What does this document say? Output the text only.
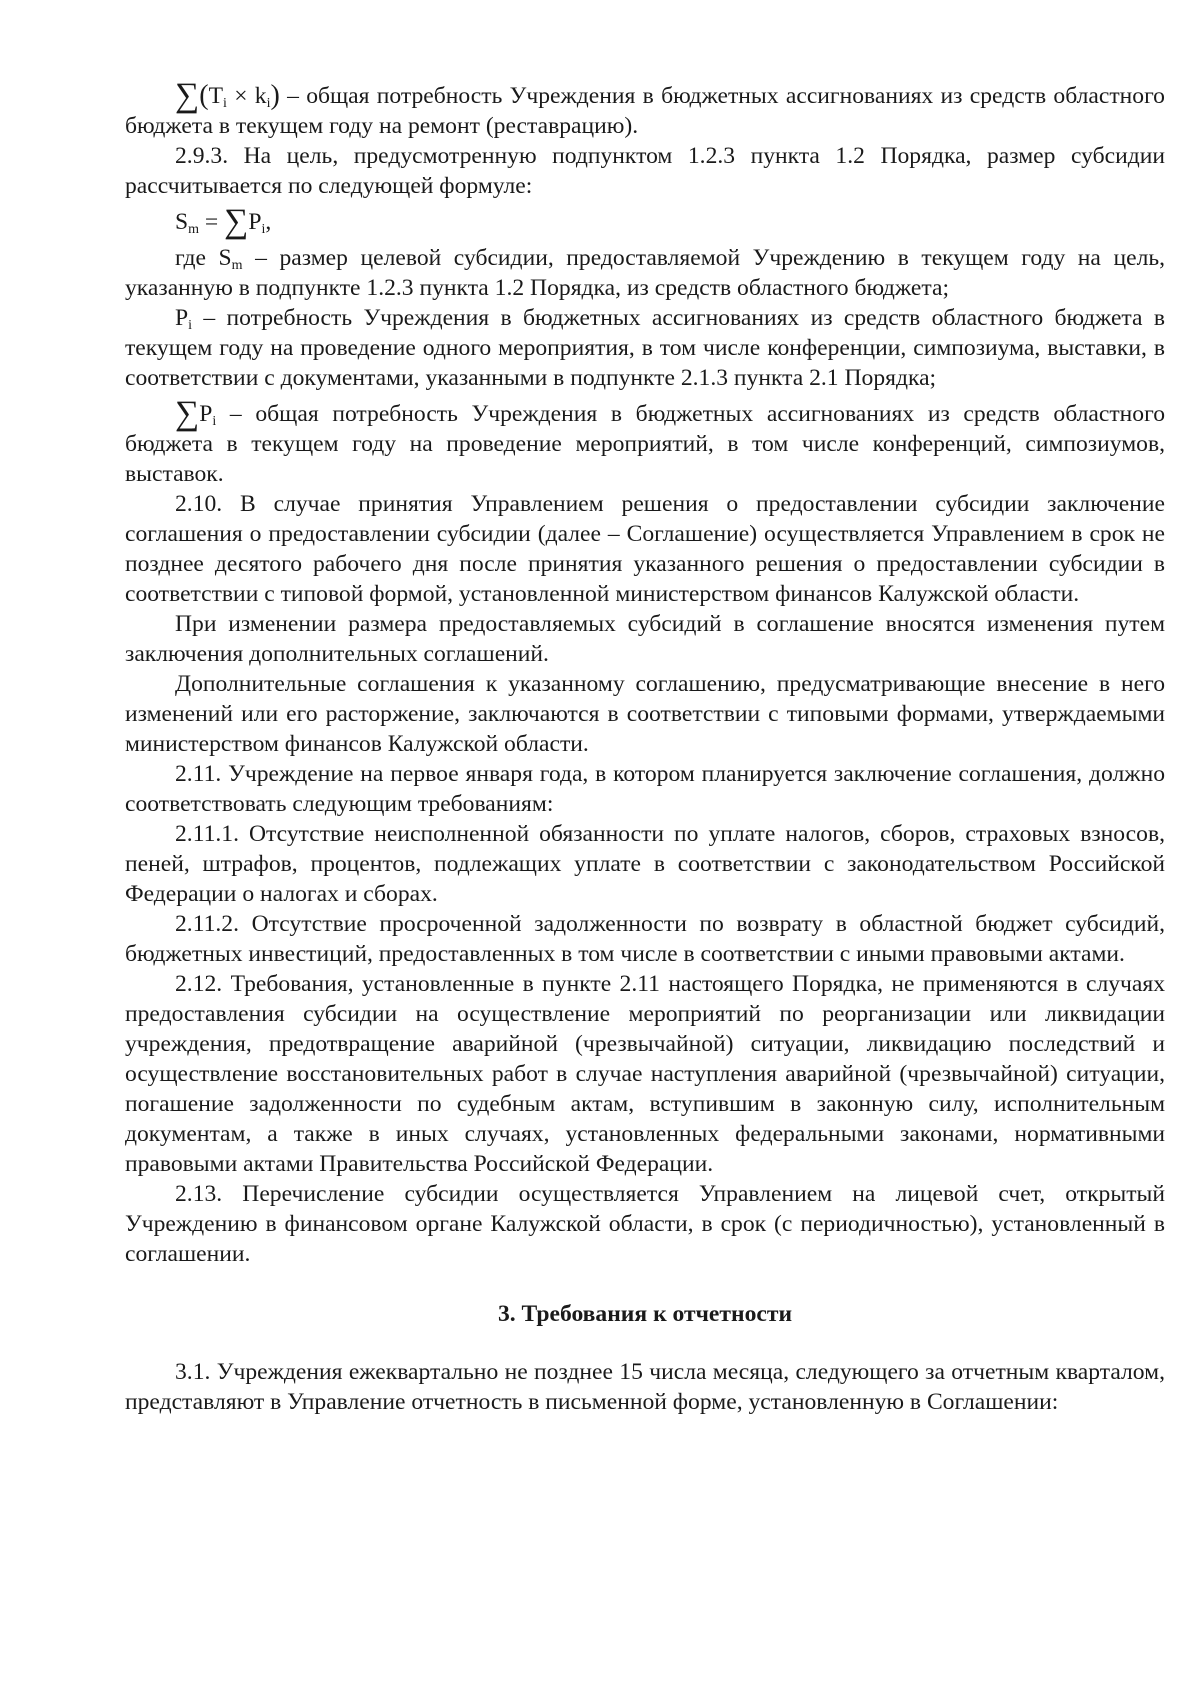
$\sum(T_i \times k_i)$ – общая потребность Учреждения в бюджетных ассигнованиях из средств областного бюджета в текущем году на ремонт (реставрацию).

2.9.3. На цель, предусмотренную подпунктом 1.2.3 пункта 1.2 Порядка, размер субсидии рассчитывается по следующей формуле:

$S_m = \sum P_i$,

где $S_m$ – размер целевой субсидии, предоставляемой Учреждению в текущем году на цель, указанную в подпункте 1.2.3 пункта 1.2 Порядка, из средств областного бюджета;

$P_i$ – потребность Учреждения в бюджетных ассигнованиях из средств областного бюджета в текущем году на проведение одного мероприятия, в том числе конференции, симпозиума, выставки, в соответствии с документами, указанными в подпункте 2.1.3 пункта 2.1 Порядка;

$\sum P_i$ – общая потребность Учреждения в бюджетных ассигнованиях из средств областного бюджета в текущем году на проведение мероприятий, в том числе конференций, симпозиумов, выставок.

2.10. В случае принятия Управлением решения о предоставлении субсидии заключение соглашения о предоставлении субсидии (далее – Соглашение) осуществляется Управлением в срок не позднее десятого рабочего дня после принятия указанного решения о предоставлении субсидии в соответствии с типовой формой, установленной министерством финансов Калужской области.

При изменении размера предоставляемых субсидий в соглашение вносятся изменения путем заключения дополнительных соглашений.

Дополнительные соглашения к указанному соглашению, предусматривающие внесение в него изменений или его расторжение, заключаются в соответствии с типовыми формами, утверждаемыми министерством финансов Калужской области.

2.11. Учреждение на первое января года, в котором планируется заключение соглашения, должно соответствовать следующим требованиям:

2.11.1. Отсутствие неисполненной обязанности по уплате налогов, сборов, страховых взносов, пеней, штрафов, процентов, подлежащих уплате в соответствии с законодательством Российской Федерации о налогах и сборах.

2.11.2. Отсутствие просроченной задолженности по возврату в областной бюджет субсидий, бюджетных инвестиций, предоставленных в том числе в соответствии с иными правовыми актами.

2.12. Требования, установленные в пункте 2.11 настоящего Порядка, не применяются в случаях предоставления субсидии на осуществление мероприятий по реорганизации или ликвидации учреждения, предотвращение аварийной (чрезвычайной) ситуации, ликвидацию последствий и осуществление восстановительных работ в случае наступления аварийной (чрезвычайной) ситуации, погашение задолженности по судебным актам, вступившим в законную силу, исполнительным документам, а также в иных случаях, установленных федеральными законами, нормативными правовыми актами Правительства Российской Федерации.

2.13. Перечисление субсидии осуществляется Управлением на лицевой счет, открытый Учреждению в финансовом органе Калужской области, в срок (с периодичностью), установленный в соглашении.

3. Требования к отчетности

3.1. Учреждения ежеквартально не позднее 15 числа месяца, следующего за отчетным кварталом, представляют в Управление отчетность в письменной форме, установленную в Соглашении:
